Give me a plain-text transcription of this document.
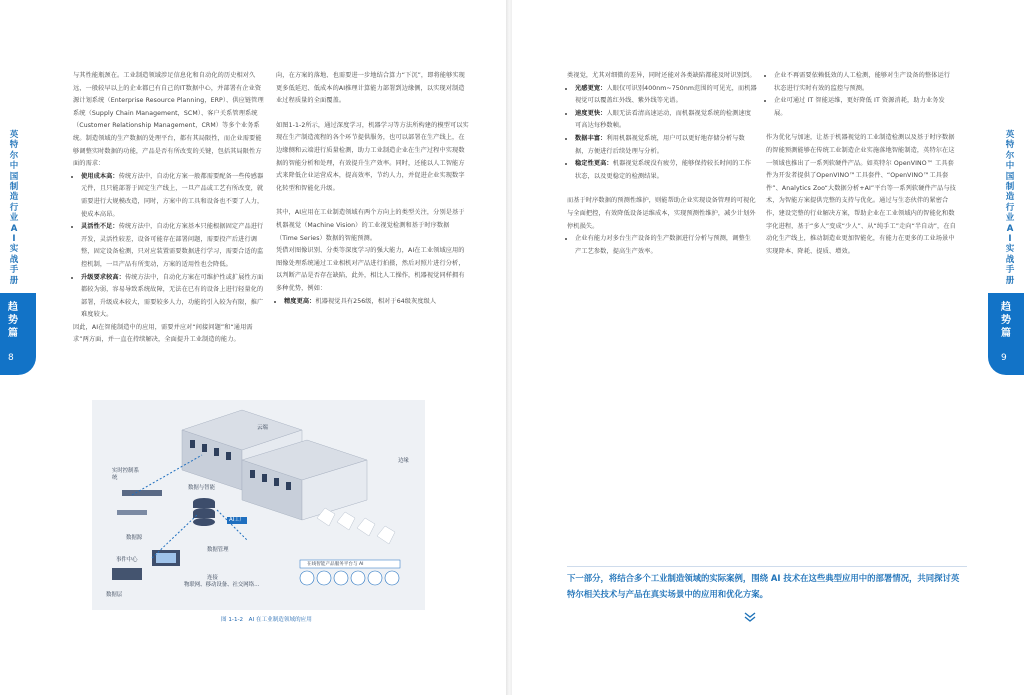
英
特
尔
中
国
制
造
行
业
A
I
实
战
手
册
趋势篇
8

与其性能瓶颈在。工业制造领域涉足信息化和自动化的历史相对久远，一般较早以上的企业都已有自己的IT数据中心，并部署有企业资源计划系统（Enterprise Resource Planning，ERP）、供应链管理系统（Supply Chain Management，SCM）、客户关系管理系统（Customer Relationship Management，CRM）等多个业务系统。制造领域的生产数据的处理平台，都有其局限性，而企业需要能够调整实时数据的功能，产品是否有所改变的关键，包括其局限性方面的需求：

• 使用成本高：传统方法中，自动化方案一般都需要配备一些传感器元件，且只能部署于固定生产线上，一旦产品或工艺有所改变，就需要进行大规模改造，同时，方案中的工具和设备也不要了人力，使成本高昂。
• 灵活性不足：传统方法中，自动化方案基本只能根据固定产品进行开发，灵活性较差，设备可能存在部署问题，需要投产后进行调整，固定设备检测，只对应装置需要数据进行学习，需要合适的监控机制，一旦产品有所变动，方案的适用性也会降低。
• 升级要求较高：传统方法中，自动化方案在可维护性或扩展性方面都较为弱，容易导致系统故障，无法在已有的设备上进行轻量化的部署，升级成本较大，需要较多人力，功能的引入较为有限，推广难度较大。

因此，AI在智能制造中的应用，需要并应对“间接问题”和“通用需求”两方面，并一直在持续解决，全面提升工业制造的能力。

向，在方案的落地、也需要进一步地结合算力“下沉”，即将能够实现更多低延迟、低成本的AI推理计算能力部署到边缘侧，以实现对制造业过程质量的全面覆盖。

如图1-1-2所示，通过深度学习，机器学习等方法所构建的模型可以实现在生产制造流程的各个环节提供服务，也可以部署在生产线上，在边缘侧和云端进行质量检测，助力工业制造企业在生产过程中实现数据的智能分析和处理，有效提升生产效率。同时，还能以人工智能方式来降低企业运营成本，提高效率，节约人力，并促进企业实现数字化转型和智能化升级。

其中，AI应用在工业制造领域有两个方向上的类型关注，分别是基于机器视觉（Machine Vision）的工业视觉检测和基于时序数据（Time Series）数据的智能预测。

凭借对图像识别、分类等深度学习的强大能力，AI在工业领域应用的图像处理系统通过工业相机对产品进行拍摄，然后对照片进行分析，以判断产品是否存在缺陷，此外，相比人工操作，机器视觉同样拥有多种优势，例如：

• 精度更高：机器视觉具有256级，相对于64级灰度级人
云端
边缘
实时控制系统
数据与智能
AI工厂
数据源
数据管理
事件中心
连接
物联网、移动设备、社交网络…
数据层
在线智能产品服务平台与 AI
图 1-1-2　AI 在工业制造领域的应用
英
特
尔
中
国
制
造
行
业
A
I
实
战
手
册
趋势篇
9

类视觉，尤其对细微的差异，同时还能对各类缺陷都能及时识别到。

• 光感更宽：人眼仅可识别400nm~750nm范围的可见光，而机器视觉可以覆盖红外线、紫外线等光谱。
• 速度更快：人眼无法看清高速运动，而机器视觉系统的检测速度可高达每秒数帧。
• 数据丰富：利用机器视觉系统，用户可以更好地存储分析与数据，方便进行后续处理与分析。
• 稳定性更高：机器视觉系统没有疲劳，能够保持较长时间的工作状态，以及更稳定的检测结果。

而基于时序数据的预测性维护，则能帮助企业实现设备管理的可视化与全面把控，有效降低设备运维成本，实现预测性维护，减少计划外停机损失。

• 企业有能力对多台生产设备的生产数据进行分析与预测，调整生产工艺参数，提高生产效率。
• 企业不再需要依赖低效的人工检测，能够对生产设备的整体运行状态进行实时有效的监控与预测。
• 企业可通过 IT 智能运维，更好降低 IT 资源消耗，助力业务发展。

作为优化与加速，让基于机器视觉的工业制造检测以及基于时序数据的智能预测能够在传统工业制造企业实施落地智能制造，英特尔在这一领域也推出了一系列软硬件产品。如英特尔 OpenVINO™ 工具套件为开发者提供了OpenVINO™工具套件、“OpenVINO™工具套件”、Analytics Zoo“大数据分析+AI”平台等一系列软硬件产品与技术，为智能方案提供完整的支持与优化。通过与生态伙伴的紧密合作，建设完整的行业解决方案，帮助企业在工业领域内的智能化和数字化进程，基于“多人”变成“少人”、从“纯手工”走向“半自动”，在自动化生产线上，推动制造业更加智能化，有能力在更多的工业场景中实现降本、降耗、提质、增效。

下一部分，将结合多个工业制造领域的实际案例，围绕 AI 技术在这些典型应用中的部署情况，共同探讨英特尔相关技术与产品在真实场景中的应用和优化方案。
